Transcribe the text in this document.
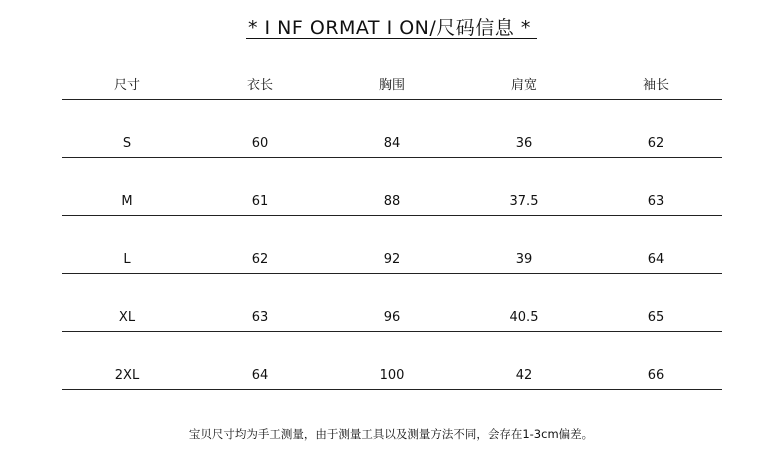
* I NF ORMAT I ON/尺码信息 *
尺寸	衣长	胸围	肩宽	袖长
S	60	84	36	62
M	61	88	37.5	63
L	62	92	39	64
XL	63	96	40.5	65
2XL	64	100	42	66
宝贝尺寸均为手工测量，由于测量工具以及测量方法不同，会存在1-3cm偏差。
